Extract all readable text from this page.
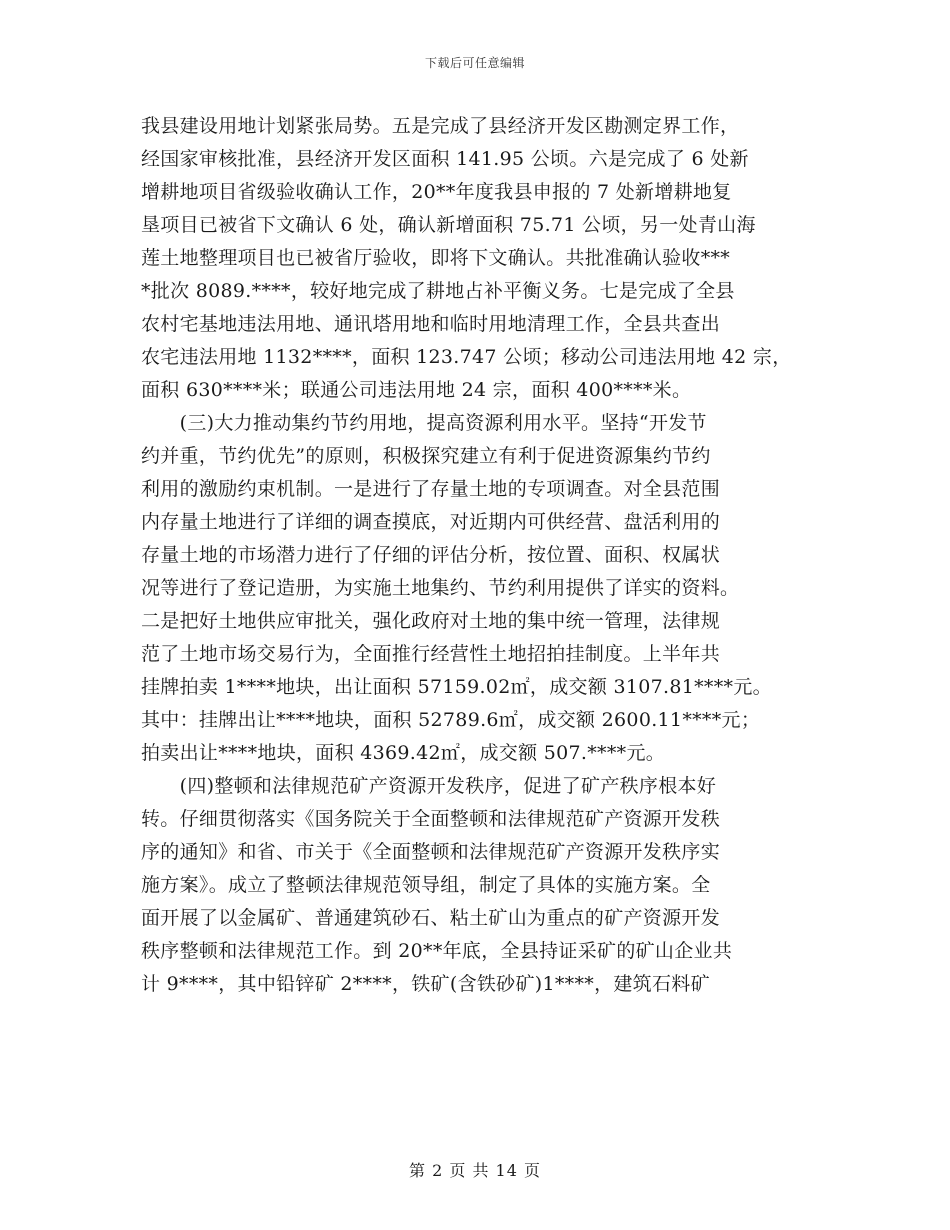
下载后可任意编辑
我县建设用地计划紧张局势。五是完成了县经济开发区勘测定界工作，
经国家审核批准，县经济开发区面积 141.95 公顷。六是完成了 6 处新
增耕地项目省级验收确认工作，20**年度我县申报的 7 处新增耕地复
垦项目已被省下文确认 6 处，确认新增面积 75.71 公顷，另一处青山海
莲土地整理项目也已被省厅验收，即将下文确认。共批准确认验收***
*批次 8089.****，较好地完成了耕地占补平衡义务。七是完成了全县
农村宅基地违法用地、通讯塔用地和临时用地清理工作，全县共查出
农宅违法用地 1132****，面积 123.747 公顷；移动公司违法用地 42 宗，
面积 630****米；联通公司违法用地 24 宗，面积 400****米。
　　(三)大力推动集约节约用地，提高资源利用水平。坚持“开发节
约并重，节约优先”的原则，积极探究建立有利于促进资源集约节约
利用的激励约束机制。一是进行了存量土地的专项调查。对全县范围
内存量土地进行了详细的调查摸底，对近期内可供经营、盘活利用的
存量土地的市场潜力进行了仔细的评估分析，按位置、面积、权属状
况等进行了登记造册，为实施土地集约、节约利用提供了详实的资料。
二是把好土地供应审批关，强化政府对土地的集中统一管理，法律规
范了土地市场交易行为，全面推行经营性土地招拍挂制度。上半年共
挂牌拍卖 1****地块，出让面积 57159.02㎡，成交额 3107.81****元。
其中：挂牌出让****地块，面积 52789.6㎡，成交额 2600.11****元；
拍卖出让****地块，面积 4369.42㎡，成交额 507.****元。
　　(四)整顿和法律规范矿产资源开发秩序，促进了矿产秩序根本好
转。仔细贯彻落实《国务院关于全面整顿和法律规范矿产资源开发秩
序的通知》和省、市关于《全面整顿和法律规范矿产资源开发秩序实
施方案》。成立了整顿法律规范领导组，制定了具体的实施方案。全
面开展了以金属矿、普通建筑砂石、粘土矿山为重点的矿产资源开发
秩序整顿和法律规范工作。到 20**年底，全县持证采矿的矿山企业共
计 9****，其中铅锌矿 2****，铁矿(含铁砂矿)1****，建筑石料矿
第 2 页 共 14 页
